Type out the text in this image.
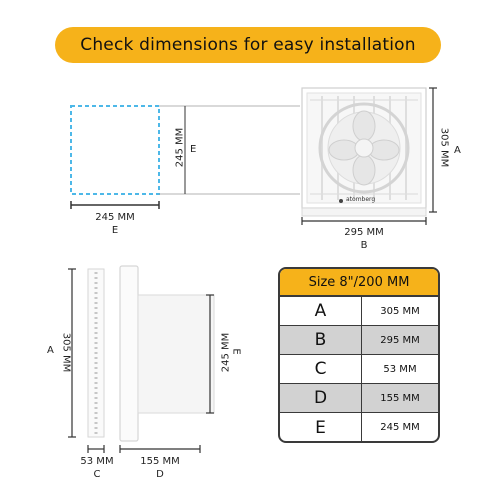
Check dimensions for easy installation
245 MM
E
245 MM E	305 MM A
295 MM
B
atomberg
A 305 MM	245 MM E
53 MM
C
155 MM
D
Size 8"/200 MM
A	305 MM
B	295 MM
C	53 MM
D	155 MM
E	245 MM
